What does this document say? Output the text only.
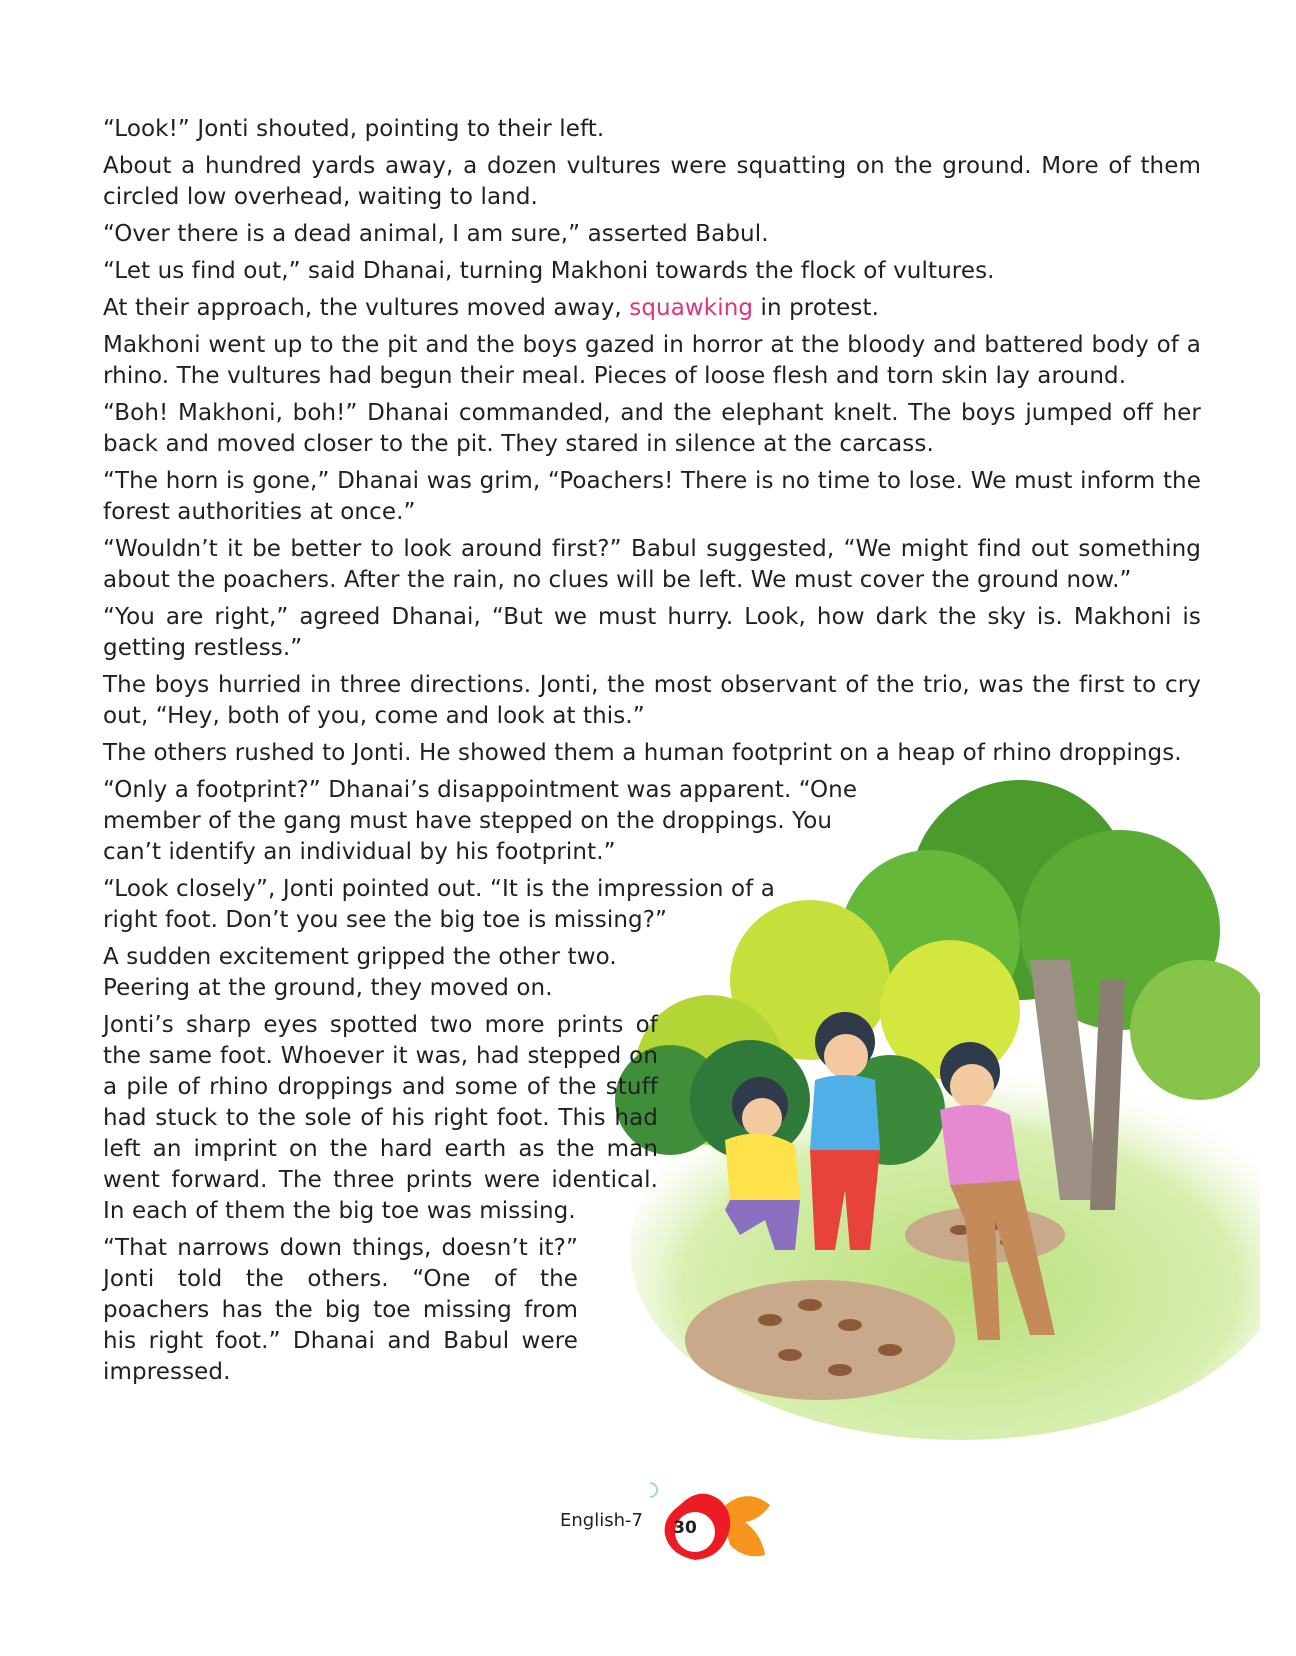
“Look!” Jonti shouted, pointing to their left.

About a hundred yards away, a dozen vultures were squatting on the ground. More of them circled low overhead, waiting to land.

“Over there is a dead animal, I am sure,” asserted Babul.

“Let us find out,” said Dhanai, turning Makhoni towards the flock of vultures.

At their approach, the vultures moved away, squawking in protest.

Makhoni went up to the pit and the boys gazed in horror at the bloody and battered body of a rhino. The vultures had begun their meal. Pieces of loose flesh and torn skin lay around.

“Boh! Makhoni, boh!” Dhanai commanded, and the elephant knelt. The boys jumped off her back and moved closer to the pit. They stared in silence at the carcass.

“The horn is gone,” Dhanai was grim, “Poachers! There is no time to lose. We must inform the forest authorities at once.”

“Wouldn’t it be better to look around first?” Babul suggested, “We might find out something about the poachers. After the rain, no clues will be left. We must cover the ground now.”

“You are right,” agreed Dhanai, “But we must hurry. Look, how dark the sky is. Makhoni is getting restless.”

The boys hurried in three directions. Jonti, the most observant of the trio, was the first to cry out, “Hey, both of you, come and look at this.”

The others rushed to Jonti. He showed them a human footprint on a heap of rhino droppings.

“Only a footprint?” Dhanai’s disappointment was apparent. “One member of the gang must have stepped on the droppings. You can’t identify an individual by his footprint.”

“Look closely”, Jonti pointed out. “It is the impression of a right foot. Don’t you see the big toe is missing?”

A sudden excitement gripped the other two. Peering at the ground, they moved on.

Jonti’s sharp eyes spotted two more prints of the same foot. Whoever it was, had stepped on a pile of rhino droppings and some of the stuff had stuck to the sole of his right foot. This had left an imprint on the hard earth as the man went forward. The three prints were identical. In each of them the big toe was missing.

“That narrows down things, doesn’t it?” Jonti told the others. “One of the poachers has the big toe missing from his right foot.” Dhanai and Babul were impressed.

English-7	30
